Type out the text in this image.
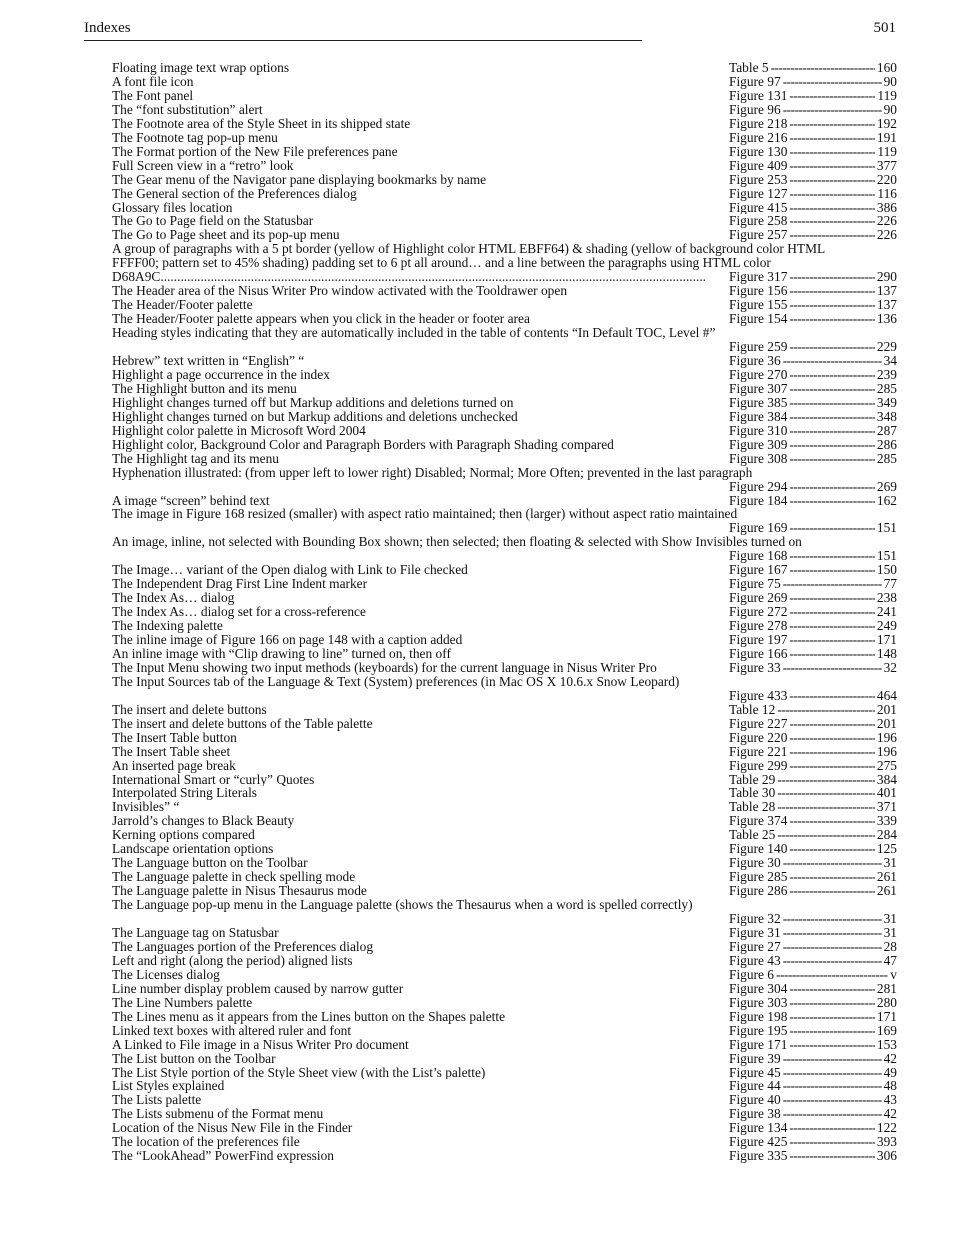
Indexes	501
Floating image text wrap options	Table 5 -----	160
A font file icon	Figure 97 -----	90
The Font panel	Figure 131 -----	119
The “font substitution” alert	Figure 96 -----	90
The Footnote area of the Style Sheet in its shipped state	Figure 218 -----	192
The Footnote tag pop-up menu	Figure 216 -----	191
The Format portion of the New File preferences pane	Figure 130 -----	119
Full Screen view in a “retro” look	Figure 409 -----	377
The Gear menu of the Navigator pane displaying bookmarks by name	Figure 253 -----	220
The General section of the Preferences dialog	Figure 127 -----	116
Glossary files location	Figure 415 -----	386
The Go to Page field on the Statusbar	Figure 258 -----	226
The Go to Page sheet and its pop-up menu	Figure 257 -----	226
A group of paragraphs with a 5 pt border (yellow of Highlight color HTML EBFF64) & shading (yellow of background color HTML
FFFF00; pattern set to 45% shading) padding set to 6 pt all around… and a line between the paragraphs using HTML color
D68A9C .....	Figure 317 -----	290
The Header area of the Nisus Writer Pro window activated with the Tooldrawer open	Figure 156 -----	137
The Header/Footer palette	Figure 155 -----	137
The Header/Footer palette appears when you click in the header or footer area	Figure 154 -----	136
Heading styles indicating that they are automatically included in the table of contents “In Default TOC, Level #”
Figure 259 -----	229
Hebrew” text written in “English” “	Figure 36 -----	34
Highlight a page occurrence in the index	Figure 270 -----	239
The Highlight button and its menu	Figure 307 -----	285
Highlight changes turned off but Markup additions and deletions turned on	Figure 385 -----	349
Highlight changes turned on but Markup additions and deletions unchecked	Figure 384 -----	348
Highlight color palette in Microsoft Word 2004	Figure 310 -----	287
Highlight color, Background Color and Paragraph Borders with Paragraph Shading compared	Figure 309 -----	286
The Highlight tag and its menu	Figure 308 -----	285
Hyphenation illustrated: (from upper left to lower right) Disabled; Normal; More Often; prevented in the last paragraph
Figure 294 -----	269
A image “screen” behind text	Figure 184 -----	162
The image in Figure 168 resized (smaller) with aspect ratio maintained; then (larger) without aspect ratio maintained
Figure 169 -----	151
An image, inline, not selected with Bounding Box shown; then selected; then floating & selected with Show Invisibles turned on
Figure 168 -----	151
The Image… variant of the Open dialog with Link to File checked	Figure 167 -----	150
The Independent Drag First Line Indent marker	Figure 75 -----	77
The Index As… dialog	Figure 269 -----	238
The Index As… dialog set for a cross-reference	Figure 272 -----	241
The Indexing palette	Figure 278 -----	249
The inline image of Figure 166 on page 148 with a caption added	Figure 197 -----	171
An inline image with “Clip drawing to line” turned on, then off	Figure 166 -----	148
The Input Menu showing two input methods (keyboards) for the current language in Nisus Writer Pro	Figure 33 -----	32
The Input Sources tab of the Language & Text (System) preferences (in Mac OS X 10.6.x Snow Leopard)
Figure 433 -----	464
The insert and delete buttons	Table 12 -----	201
The insert and delete buttons of the Table palette	Figure 227 -----	201
The Insert Table button	Figure 220 -----	196
The Insert Table sheet	Figure 221 -----	196
An inserted page break	Figure 299 -----	275
International Smart or “curly” Quotes	Table 29 -----	384
Interpolated String Literals	Table 30 -----	401
Invisibles” “	Table 28 -----	371
Jarrold’s changes to Black Beauty	Figure 374 -----	339
Kerning options compared	Table 25 -----	284
Landscape orientation options	Figure 140 -----	125
The Language button on the Toolbar	Figure 30 -----	31
The Language palette in check spelling mode	Figure 285 -----	261
The Language palette in Nisus Thesaurus mode	Figure 286 -----	261
The Language pop-up menu in the Language palette (shows the Thesaurus when a word is spelled correctly)
Figure 32 -----	31
The Language tag on Statusbar	Figure 31 -----	31
The Languages portion of the Preferences dialog	Figure 27 -----	28
Left and right (along the period) aligned lists	Figure 43 -----	47
The Licenses dialog	Figure 6 -----	v
Line number display problem caused by narrow gutter	Figure 304 -----	281
The Line Numbers palette	Figure 303 -----	280
The Lines menu as it appears from the Lines button on the Shapes palette	Figure 198 -----	171
Linked text boxes with altered ruler and font	Figure 195 -----	169
A Linked to File image in a Nisus Writer Pro document	Figure 171 -----	153
The List button on the Toolbar	Figure 39 -----	42
The List Style portion of the Style Sheet view (with the List’s palette)	Figure 45 -----	49
List Styles explained	Figure 44 -----	48
The Lists palette	Figure 40 -----	43
The Lists submenu of the Format menu	Figure 38 -----	42
Location of the Nisus New File in the Finder	Figure 134 -----	122
The location of the preferences file	Figure 425 -----	393
The “LookAhead” PowerFind expression	Figure 335 -----	306
